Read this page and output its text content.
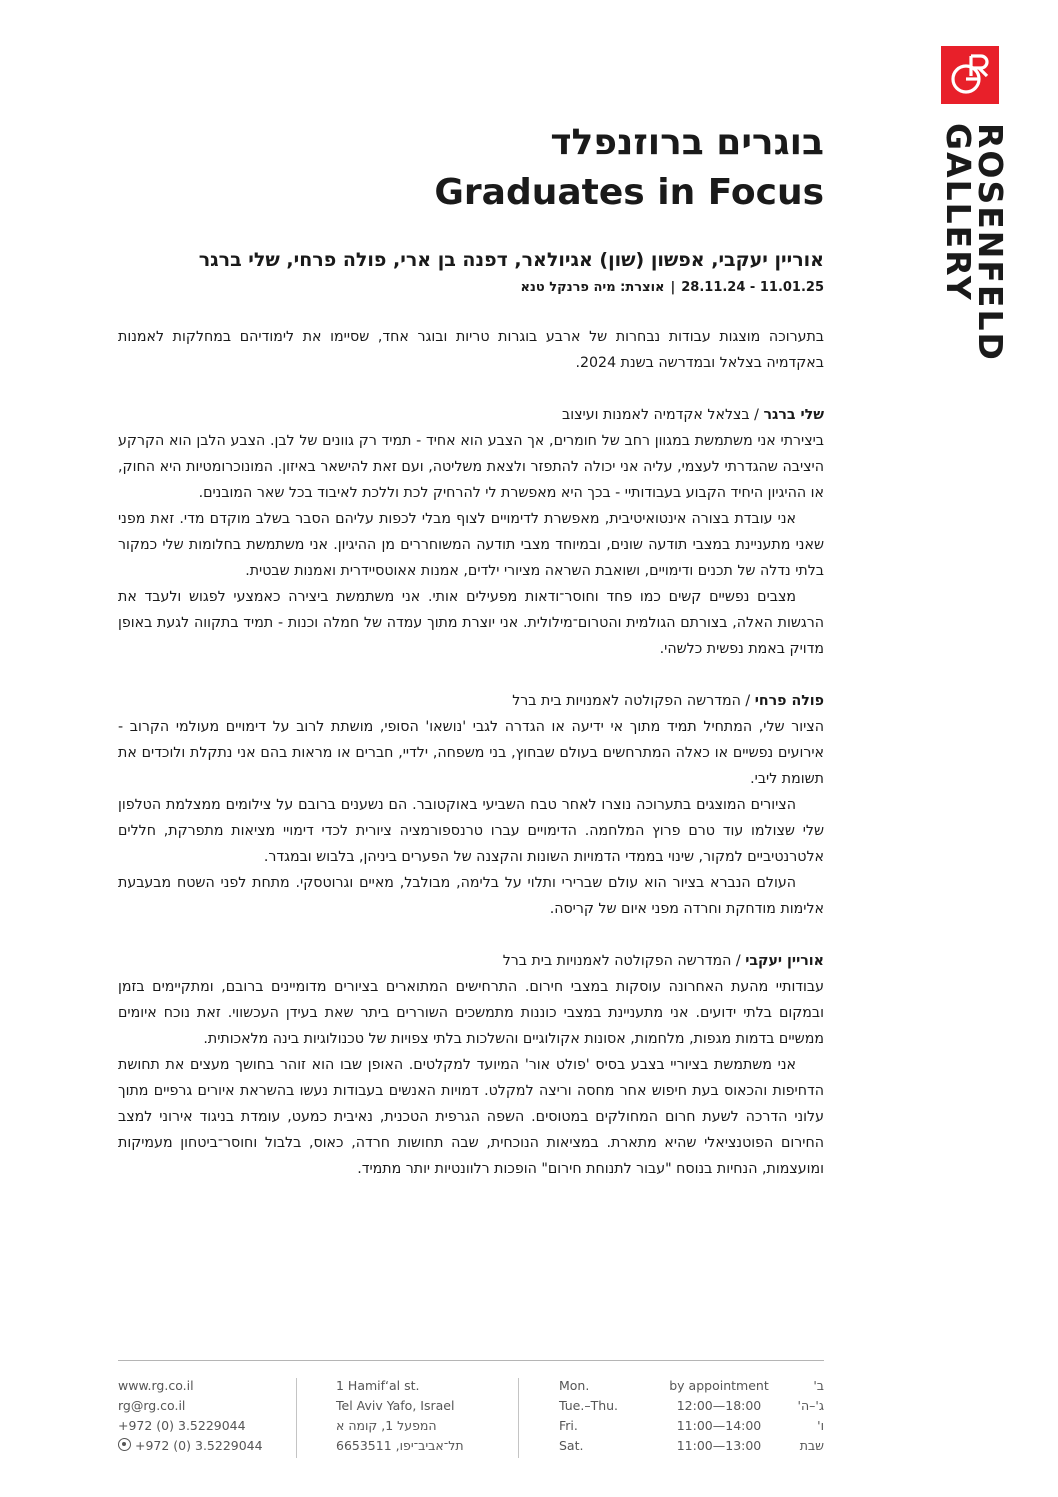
ROSENFELD
GALLERY
בוגרים ברוזנפלד
Graduates in Focus

אוריין יעקבי, אפשון (שון) אגיולאר, דפנה בן ארי, פולה פרחי, שלי ברגר

28.11.24 - 11.01.25|אוצרת: מיה פרנקל טנא

בתערוכה מוצגות עבודות נבחרות של ארבע בוגרות טריות ובוגר אחד, שסיימו את לימודיהם במחלקות לאמנות באקדמיה בצלאל ובמדרשה בשנת 2024.

שלי ברגר / בצלאל אקדמיה לאמנות ועיצוב

ביצירתי אני משתמשת במגוון רחב של חומרים, אך הצבע הוא אחיד - תמיד רק גוונים של לבן. הצבע הלבן הוא הקרקע היציבה שהגדרתי לעצמי, עליה אני יכולה להתפזר ולצאת משליטה, ועם זאת להישאר באיזון. המונוכרומטיות היא החוק, או ההיגיון היחיד הקבוע בעבודותיי - בכך היא מאפשרת לי להרחיק לכת וללכת לאיבוד בכל שאר המובנים.

אני עובדת בצורה אינטואיטיבית, מאפשרת לדימויים לצוף מבלי לכפות עליהם הסבר בשלב מוקדם מדי. זאת מפני שאני מתעניינת במצבי תודעה שונים, ובמיוחד מצבי תודעה המשוחררים מן ההיגיון. אני משתמשת בחלומות שלי כמקור בלתי נדלה של תכנים ודימויים, ושואבת השראה מציורי ילדים, אמנות אאוטסיידרית ואמנות שבטית.

מצבים נפשיים קשים כמו פחד וחוסר־ודאות מפעילים אותי. אני משתמשת ביצירה כאמצעי לפגוש ולעבד את הרגשות האלה, בצורתם הגולמית והטרום־מילולית. אני יוצרת מתוך עמדה של חמלה וכנות - תמיד בתקווה לגעת באופן מדויק באמת נפשית כלשהי.

פולה פרחי / המדרשה הפקולטה לאמנויות בית ברל

הציור שלי, המתחיל תמיד מתוך אי ידיעה או הגדרה לגבי 'נושאו' הסופי, מושתת לרוב על דימויים מעולמי הקרוב - אירועים נפשיים או כאלה המתרחשים בעולם שבחוץ, בני משפחה, ילדיי, חברים או מראות בהם אני נתקלת ולוכדים את תשומת ליבי.

הציורים המוצגים בתערוכה נוצרו לאחר טבח השביעי באוקטובר. הם נשענים ברובם על צילומים ממצלמת הטלפון שלי שצולמו עוד טרם פרוץ המלחמה. הדימויים עברו טרנספורמציה ציורית לכדי דימויי מציאות מתפרקת, חללים אלטרנטיביים למקור, שינוי בממדי הדמויות השונות והקצנה של הפערים ביניהן, בלבוש ובמגדר.

העולם הנברא בציור הוא עולם שברירי ותלוי על בלימה, מבולבל, מאיים וגרוטסקי. מתחת לפני השטח מבעבעת אלימות מודחקת וחרדה מפני איום של קריסה.

אוריין יעקבי / המדרשה הפקולטה לאמנויות בית ברל

עבודותיי מהעת האחרונה עוסקות במצבי חירום. התרחישים המתוארים בציורים מדומיינים ברובם, ומתקיימים בזמן ובמקום בלתי ידועים. אני מתעניינת במצבי כוננות מתמשכים השוררים ביתר שאת בעידן העכשווי. זאת נוכח איומים ממשיים בדמות מגפות, מלחמות, אסונות אקולוגיים והשלכות בלתי צפויות של טכנולוגיות בינה מלאכותית.

אני משתמשת בציוריי בצבע בסיס 'פולט אור' המיועד למקלטים. האופן שבו הוא זוהר בחושך מעצים את תחושת הדחיפות והכאוס בעת חיפוש אחר מחסה וריצה למקלט. דמויות האנשים בעבודות נעשו בהשראת איורים גרפיים מתוך עלוני הדרכה לשעת חרום המחולקים במטוסים. השפה הגרפית הטכנית, נאיבית כמעט, עומדת בניגוד אירוני למצב החירום הפוטנציאלי שהיא מתארת. במציאות הנוכחית, שבה תחושות חרדה, כאוס, בלבול וחוסר־ביטחון מעמיקות ומועצמות, הנחיות בנוסח "עבור לתנוחת חירום" הופכות רלוונטיות יותר מתמיד.

www.rg.co.il
rg@rg.co.il
+972 (0) 3.5229044
+972 (0) 3.5229044
1 Hamif‘al st.
Tel Aviv Yafo, Israel
המפעל 1, קומה א
תל־אביב־יפו, 6653511
Mon.	by appointment	ב'
Tue.–Thu.	12:00—18:00	ג'–ה'
Fri.	11:00—14:00	ו'
Sat.	11:00—13:00	שבת
